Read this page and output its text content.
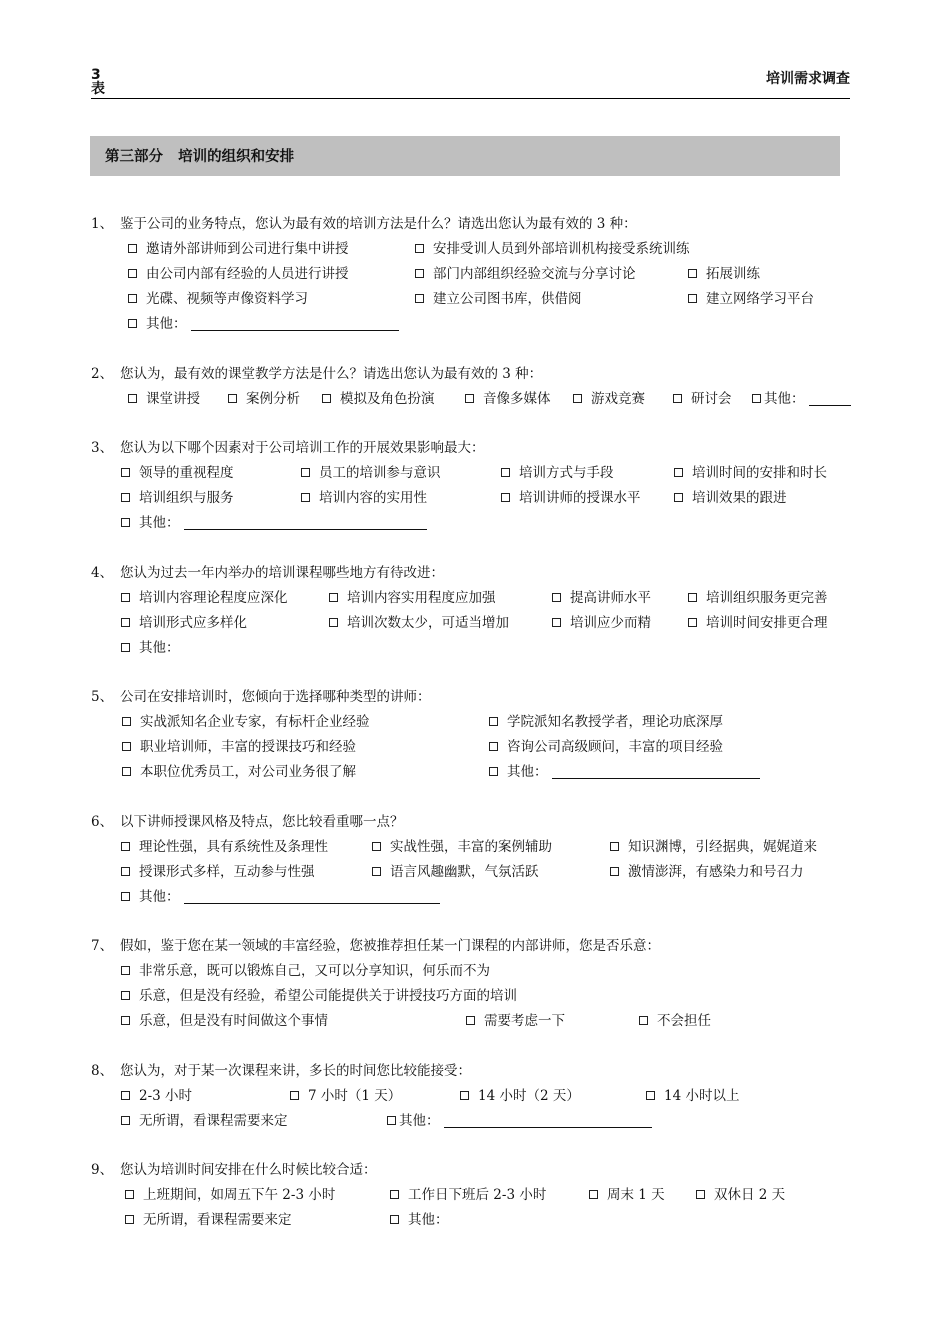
3
表
培训需求调查
第三部分   培训的组织和安排
1、 鉴于公司的业务特点，您认为最有效的培训方法是什么？请选出您认为最有效的 3 种：
邀请外部讲师到公司进行集中讲授	安排受训人员到外部培训机构接受系统训练
由公司内部有经验的人员进行讲授	部门内部组织经验交流与分享讨论	拓展训练
光碟、视频等声像资料学习	建立公司图书库，供借阅	建立网络学习平台
其他：
2、 您认为，最有效的课堂教学方法是什么？请选出您认为最有效的 3 种：
课堂讲授	案例分析	模拟及角色扮演	音像多媒体	游戏竞赛	研讨会	其他：
3、 您认为以下哪个因素对于公司培训工作的开展效果影响最大：
领导的重视程度	员工的培训参与意识	培训方式与手段	培训时间的安排和时长
培训组织与服务	培训内容的实用性	培训讲师的授课水平	培训效果的跟进
其他：
4、 您认为过去一年内举办的培训课程哪些地方有待改进：
培训内容理论程度应深化	培训内容实用程度应加强	提高讲师水平	培训组织服务更完善
培训形式应多样化	培训次数太少，可适当增加	培训应少而精	培训时间安排更合理
其他：
5、 公司在安排培训时，您倾向于选择哪种类型的讲师：
实战派知名企业专家，有标杆企业经验	学院派知名教授学者，理论功底深厚
职业培训师，丰富的授课技巧和经验	咨询公司高级顾问，丰富的项目经验
本职位优秀员工，对公司业务很了解	其他：
6、 以下讲师授课风格及特点，您比较看重哪一点？
理论性强，具有系统性及条理性	实战性强，丰富的案例辅助	知识渊博，引经据典，娓娓道来
授课形式多样，互动参与性强	语言风趣幽默，气氛活跃	激情澎湃，有感染力和号召力
其他：
7、 假如，鉴于您在某一领域的丰富经验，您被推荐担任某一门课程的内部讲师，您是否乐意：
非常乐意，既可以锻炼自己，又可以分享知识，何乐而不为
乐意，但是没有经验，希望公司能提供关于讲授技巧方面的培训
乐意，但是没有时间做这个事情	需要考虑一下	不会担任
8、 您认为，对于某一次课程来讲，多长的时间您比较能接受：
2-3 小时	7 小时（1 天）	14 小时（2 天）	14 小时以上
无所谓，看课程需要来定	其他：
9、 您认为培训时间安排在什么时候比较合适：
上班期间，如周五下午 2-3 小时	工作日下班后 2-3 小时	周末 1 天	双休日 2 天
无所谓，看课程需要来定	其他：
